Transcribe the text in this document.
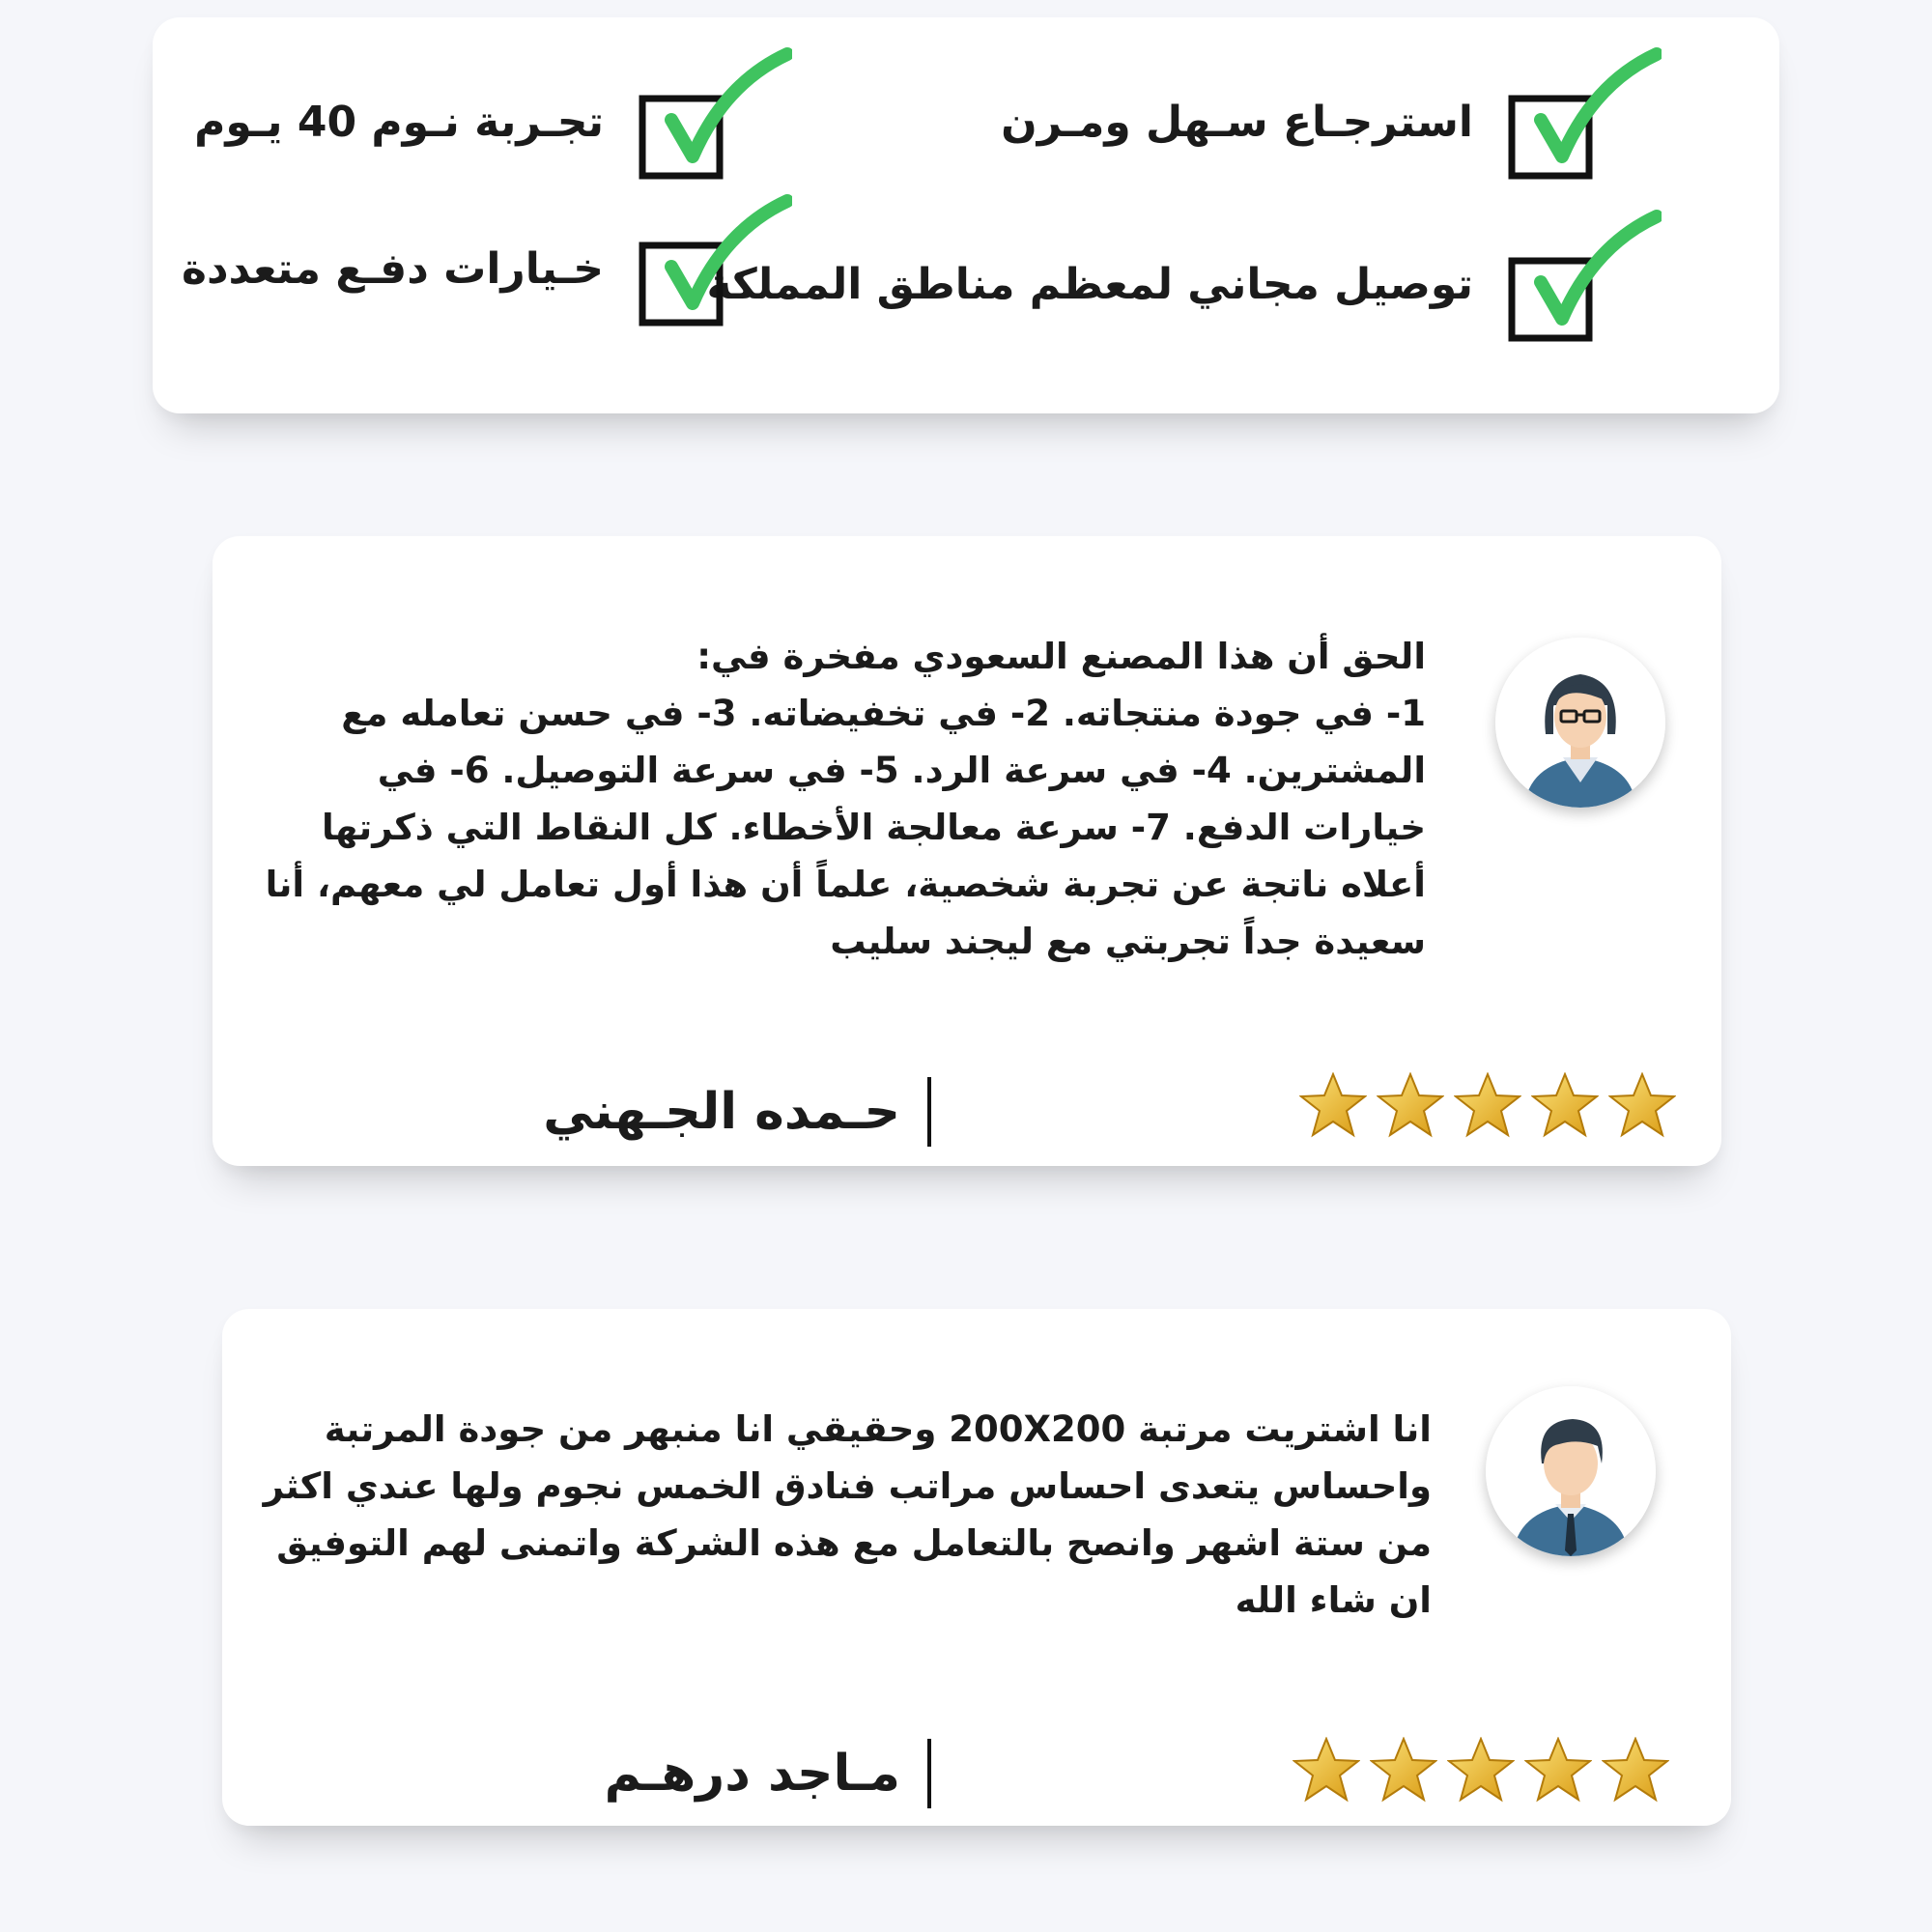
استرجـاع سـهل ومـرن
توصيل مجاني لمعظم مناطق المملكة
تجـربة نـوم 40 يـوم
خـيارات دفـع متعددة
الحق أن هذا المصنع السعودي مفخرة في:
1- في جودة منتجاته. 2- في تخفيضاته. 3- في حسن تعامله مع المشترين. 4- في سرعة الرد. 5- في سرعة التوصيل. 6- في خيارات الدفع. 7- سرعة معالجة الأخطاء. كل النقاط التي ذكرتها أعلاه ناتجة عن تجربة شخصية، علماً أن هذا أول تعامل لي معهم، أنا سعيدة جداً تجربتي مع ليجند سليب
حـمده الجـهني
انا اشتريت مرتبة 200X200 وحقيقي انا منبهر من جودة المرتبة واحساس يتعدى احساس مراتب فنادق الخمس نجوم ولها عندي اكثر من ستة اشهر وانصح بالتعامل مع هذه الشركة واتمنى لهم التوفيق ان شاء الله
مـاجد درهـم
